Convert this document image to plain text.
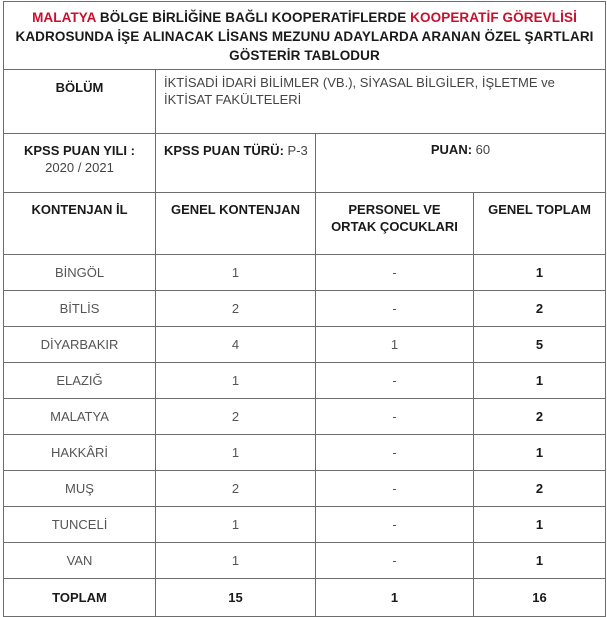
MALATYA BÖLGE BİRLİĞİNE BAĞLI KOOPERATİFLERDE KOOPERATİF GÖREVLİSİ KADROSUNDA İŞE ALINACAK LİSANS MEZUNU ADAYLARDA ARANAN ÖZEL ŞARTLARI GÖSTERİR TABLODUR			
BÖLÜM	İKTİSADİ İDARİ BİLİMLER (VB.), SİYASAL BİLGİLER, İŞLETME ve İKTİSAT FAKÜLTELERİ		
KPSS PUAN YILI :
2020 / 2021	KPSS PUAN TÜRÜ: P-3	PUAN: 60	
KONTENJAN İL	GENEL KONTENJAN	PERSONEL VE ORTAK ÇOCUKLARI	GENEL TOPLAM
BİNGÖL	1	-	1
BİTLİS	2	-	2
DİYARBAKIR	4	1	5
ELAZIĞ	1	-	1
MALATYA	2	-	2
HAKKÂRİ	1	-	1
MUŞ	2	-	2
TUNCELİ	1	-	1
VAN	1	-	1
TOPLAM	15	1	16
